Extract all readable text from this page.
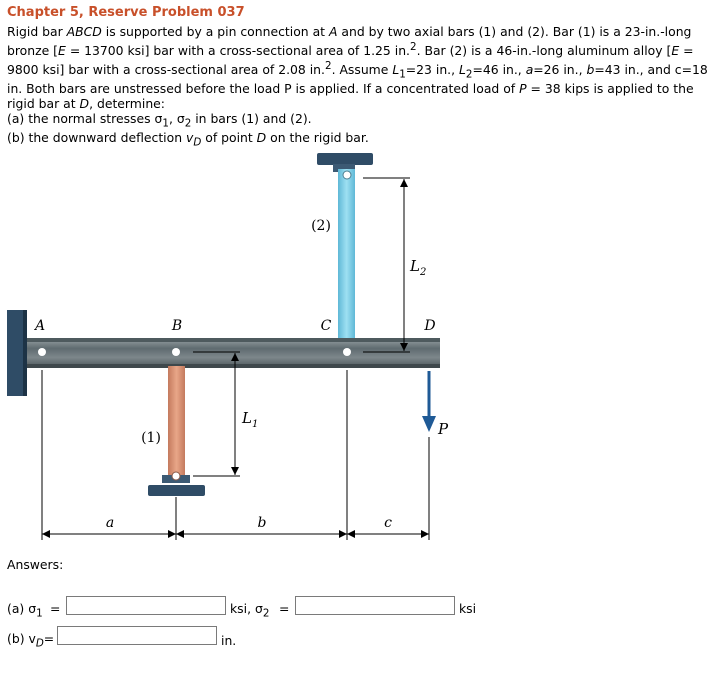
Chapter 5, Reserve Problem 037

Rigid bar ABCD is supported by a pin connection at A and by two axial bars (1) and (2). Bar (1) is a 23-in.-long bronze [E = 13700 ksi] bar with a cross-sectional area of 1.25 in.$^2$. Bar (2) is a 46-in.-long aluminum alloy [E = 9800 ksi] bar with a cross-sectional area of 2.08 in.$^2$. Assume $L_1=23$ in., $L_2=46$ in., a=26 in., b=43 in., and c=18 in. Both bars are unstressed before the load P is applied. If a concentrated load of P = 38 kips is applied to the rigid bar at D, determine:

(a) the normal stresses $\sigma_1$, $\sigma_2$ in bars (1) and (2).

(b) the downward deflection $v_D$ of point D on the rigid bar.

A	B	C	D
(2)
(1)
$L_2$
$L_1$	P
a	b	c
Answers:
(a) $\sigma_1$ =	ksi, $\sigma_2$ =	ksi
(b) $v_D=$	in.
